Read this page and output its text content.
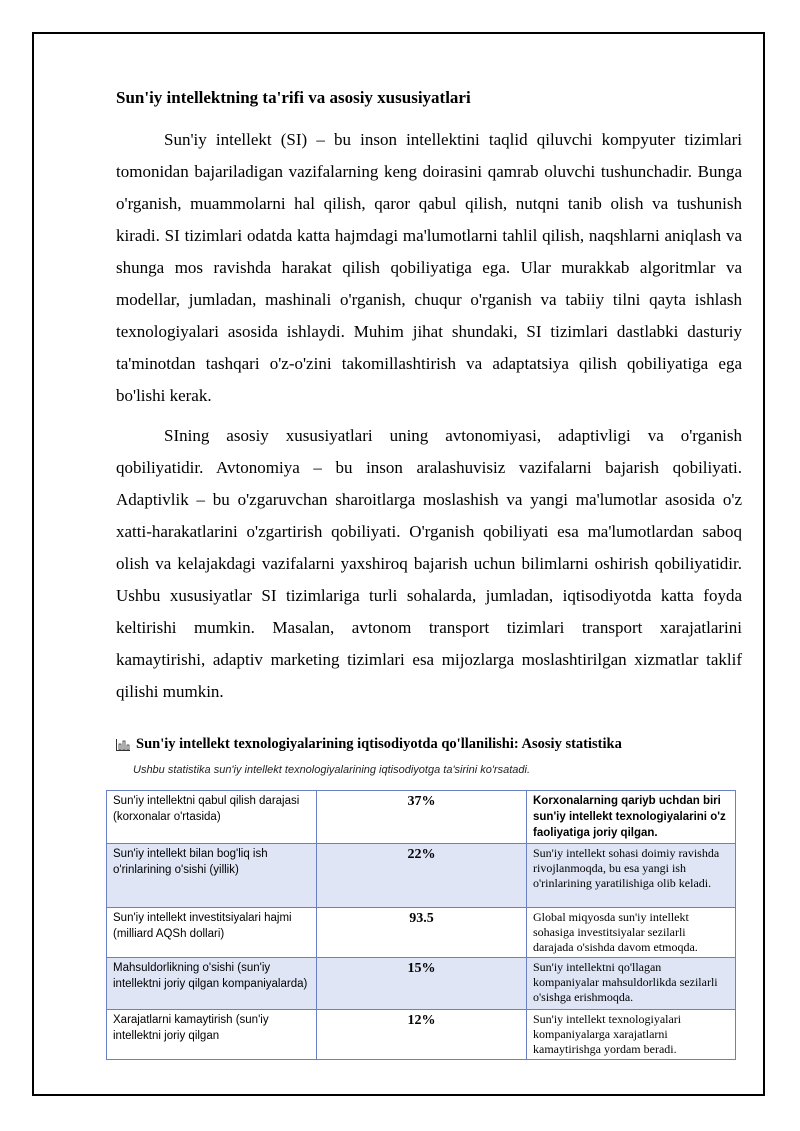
Sun'iy intellektning ta'rifi va asosiy xususiyatlari

Sun'iy intellekt (SI) – bu inson intellektini taqlid qiluvchi kompyuter tizimlari tomonidan bajariladigan vazifalarning keng doirasini qamrab oluvchi tushunchadir. Bunga o'rganish, muammolarni hal qilish, qaror qabul qilish, nutqni tanib olish va tushunish kiradi. SI tizimlari odatda katta hajmdagi ma'lumotlarni tahlil qilish, naqshlarni aniqlash va shunga mos ravishda harakat qilish qobiliyatiga ega. Ular murakkab algoritmlar va modellar, jumladan, mashinali o'rganish, chuqur o'rganish va tabiiy tilni qayta ishlash texnologiyalari asosida ishlaydi. Muhim jihat shundaki, SI tizimlari dastlabki dasturiy ta'minotdan tashqari o'z-o'zini takomillashtirish va adaptatsiya qilish qobiliyatiga ega bo'lishi kerak.

SIning asosiy xususiyatlari uning avtonomiyasi, adaptivligi va o'rganish qobiliyatidir. Avtonomiya – bu inson aralashuvisiz vazifalarni bajarish qobiliyati. Adaptivlik – bu o'zgaruvchan sharoitlarga moslashish va yangi ma'lumotlar asosida o'z xatti-harakatlarini o'zgartirish qobiliyati. O'rganish qobiliyati esa ma'lumotlardan saboq olish va kelajakdagi vazifalarni yaxshiroq bajarish uchun bilimlarni oshirish qobiliyatidir. Ushbu xususiyatlar SI tizimlariga turli sohalarda, jumladan, iqtisodiyotda katta foyda keltirishi mumkin. Masalan, avtonom transport tizimlari transport xarajatlarini kamaytirishi, adaptiv marketing tizimlari esa mijozlarga moslashtirilgan xizmatlar taklif qilishi mumkin.

Sun'iy intellekt texnologiyalarining iqtisodiyotda qo'llanilishi: Asosiy statistika
Ushbu statistika sun'iy intellekt texnologiyalarining iqtisodiyotga ta'sirini ko'rsatadi.
Sun'iy intellektni qabul qilish darajasi (korxonalar o'rtasida)	37%	Korxonalarning qariyb uchdan biri sun'iy intellekt texnologiyalarini o'z faoliyatiga joriy qilgan.
Sun'iy intellekt bilan bog'liq ish o'rinlarining o'sishi (yillik)	22%	Sun'iy intellekt sohasi doimiy ravishda rivojlanmoqda, bu esa yangi ish o'rinlarining yaratilishiga olib keladi.
Sun'iy intellekt investitsiyalari hajmi (milliard AQSh dollari)	93.5	Global miqyosda sun'iy intellekt sohasiga investitsiyalar sezilarli darajada o'sishda davom etmoqda.
Mahsuldorlikning o'sishi (sun'iy intellektni joriy qilgan kompaniyalarda)	15%	Sun'iy intellektni qo'llagan kompaniyalar mahsuldorlikda sezilarli o'sishga erishmoqda.
Xarajatlarni kamaytirish (sun'iy intellektni joriy qilgan	12%	Sun'iy intellekt texnologiyalari kompaniyalarga xarajatlarni kamaytirishga yordam beradi.
